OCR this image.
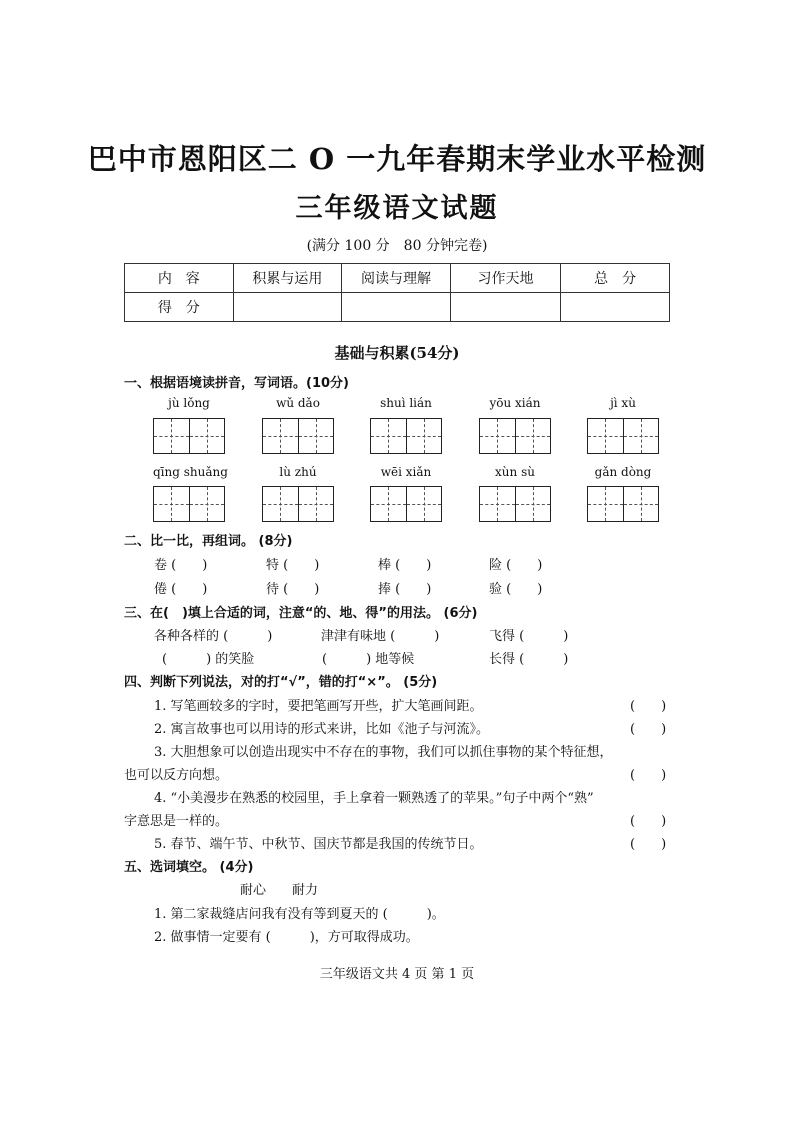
巴中市恩阳区二 O 一九年春期末学业水平检测
三年级语文试题
(满分 100 分　80 分钟完卷)
内　容	积累与运用	阅读与理解	习作天地	总　分
得　分				
基础与积累(54分)
一、根据语境读拼音，写词语。(10分)
jù lǒng	wǔ dǎo	shuì lián	yōu xián	jì xù
qīng shuǎng	lù zhú	wēi xiǎn	xùn sù	gǎn dòng
二、比一比，再组词。 (8分)
卷 (　　)	特 (　　)	棒 (　　)	险 (　　)
倦 (　　)	待 (　　)	捧 (　　)	验 (　　)
三、在(　)填上合适的词，注意“的、地、得”的用法。 (6分)
各种各样的 (　　　)	津津有味地 (　　　)	飞得 (　　　)
(　　　) 的笑脸	(　　　) 地等候	长得 (　　　)
四、判断下列说法，对的打“√”，错的打“×”。 (5分)
1. 写笔画较多的字时，要把笔画写开些，扩大笔画间距。	(　　)
2. 寓言故事也可以用诗的形式来讲，比如《池子与河流》。	(　　)
3. 大胆想象可以创造出现实中不存在的事物，我们可以抓住事物的某个特征想，
也可以反方向想。	(　　)
4. “小美漫步在熟悉的校园里，手上拿着一颗熟透了的苹果。”句子中两个“熟”
字意思是一样的。	(　　)
5. 春节、端午节、中秋节、国庆节都是我国的传统节日。	(　　)
五、选词填空。 (4分)
耐心　　耐力
1. 第二家裁缝店问我有没有等到夏天的 (　　　)。
2. 做事情一定要有 (　　　)，方可取得成功。
三年级语文共 4 页 第 1 页
